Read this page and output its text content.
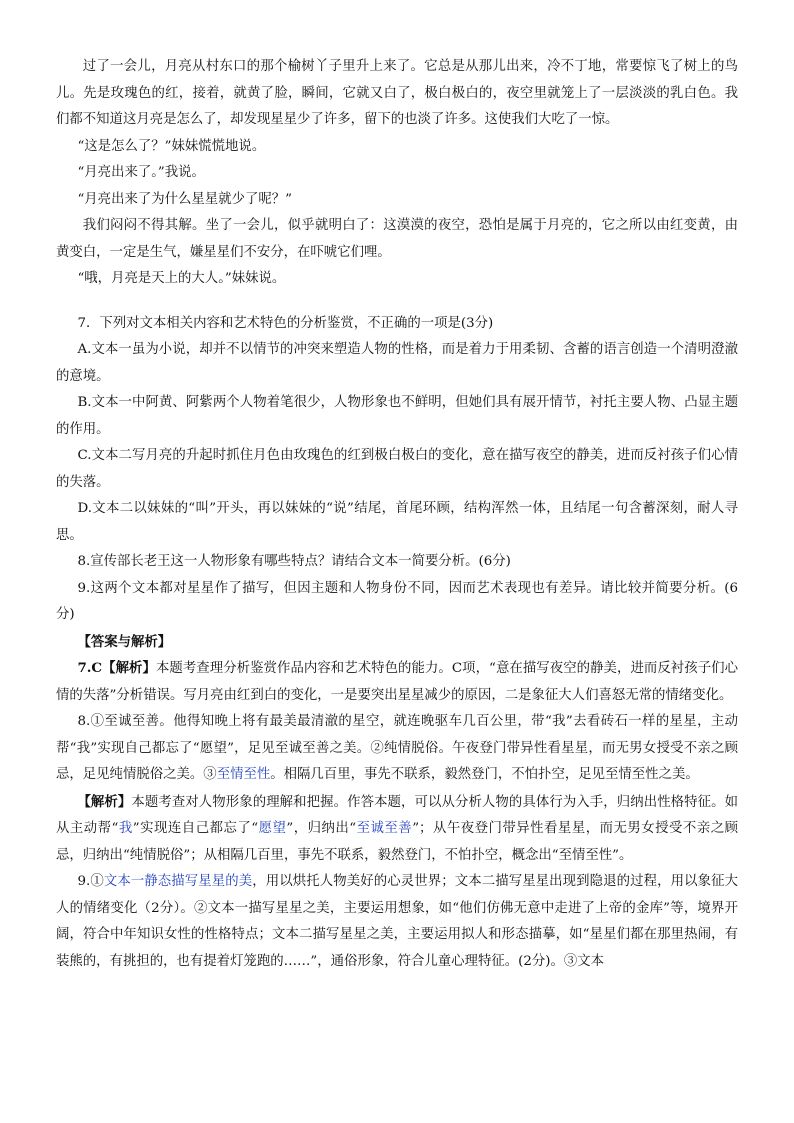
过了一会儿，月亮从村东口的那个榆树丫子里升上来了。它总是从那儿出来，冷不丁地，常要惊飞了树上的鸟儿。先是玫瑰色的红，接着，就黄了脸，瞬间，它就又白了，极白极白的，夜空里就笼上了一层淡淡的乳白色。我们都不知道这月亮是怎么了，却发现星星少了许多，留下的也淡了许多。这使我们大吃了一惊。

“这是怎么了？”妹妹慌慌地说。

“月亮出来了。”我说。

“月亮出来了为什么星星就少了呢？”

我们闷闷不得其解。坐了一会儿，似乎就明白了：这漠漠的夜空，恐怕是属于月亮的，它之所以由红变黄，由黄变白，一定是生气，嫌星星们不安分，在吓唬它们哩。

“哦，月亮是天上的大人。”妹妹说。

7．下列对文本相关内容和艺术特色的分析鉴赏，不正确的一项是(3分)

A.文本一虽为小说，却并不以情节的冲突来塑造人物的性格，而是着力于用柔韧、含蓄的语言创造一个清明澄澈的意境。

B.文本一中阿黄、阿紫两个人物着笔很少，人物形象也不鲜明，但她们具有展开情节，衬托主要人物、凸显主题的作用。

C.文本二写月亮的升起时抓住月色由玫瑰色的红到极白极白的变化，意在描写夜空的静美，进而反衬孩子们心情的失落。

D.文本二以妹妹的“叫”开头，再以妹妹的“说”结尾，首尾环顾，结构浑然一体，且结尾一句含蓄深刻，耐人寻思。

8.宣传部长老王这一人物形象有哪些特点？请结合文本一简要分析。(6分)

9.这两个文本都对星星作了描写，但因主题和人物身份不同，因而艺术表现也有差异。请比较并简要分析。(6分)

【答案与解析】

7.C【解析】本题考查理分析鉴赏作品内容和艺术特色的能力。C项，“意在描写夜空的静美，进而反衬孩子们心情的失落”分析错误。写月亮由红到白的变化，一是要突出星星减少的原因，二是象征大人们喜怒无常的情绪变化。

8.①至诚至善。他得知晚上将有最美最清澈的星空，就连晚驱车几百公里，带“我”去看砖石一样的星星，主动帮“我”实现自己都忘了“愿望”，足见至诚至善之美。②纯情脱俗。午夜登门带异性看星星，而无男女授受不亲之顾忌，足见纯情脱俗之美。③至情至性。相隔几百里，事先不联系，毅然登门，不怕扑空，足见至情至性之美。

【解析】本题考查对人物形象的理解和把握。作答本题，可以从分析人物的具体行为入手，归纳出性格特征。如从主动帮“我”实现连自己都忘了“愿望”，归纳出“至诚至善”；从午夜登门带异性看星星，而无男女授受不亲之顾忌，归纳出“纯情脱俗”；从相隔几百里，事先不联系，毅然登门，不怕扑空，概念出“至情至性”。

9.①文本一静态描写星星的美，用以烘托人物美好的心灵世界；文本二描写星星出现到隐退的过程，用以象征大人的情绪变化（2分）。②文本一描写星星之美，主要运用想象，如“他们仿佛无意中走进了上帝的金库”等，境界开阔，符合中年知识女性的性格特点；文本二描写星星之美，主要运用拟人和形态描摹，如“星星们都在那里热闹，有装熊的，有挑担的，也有提着灯笼跑的……”，通俗形象，符合儿童心理特征。(2分)。③文本
